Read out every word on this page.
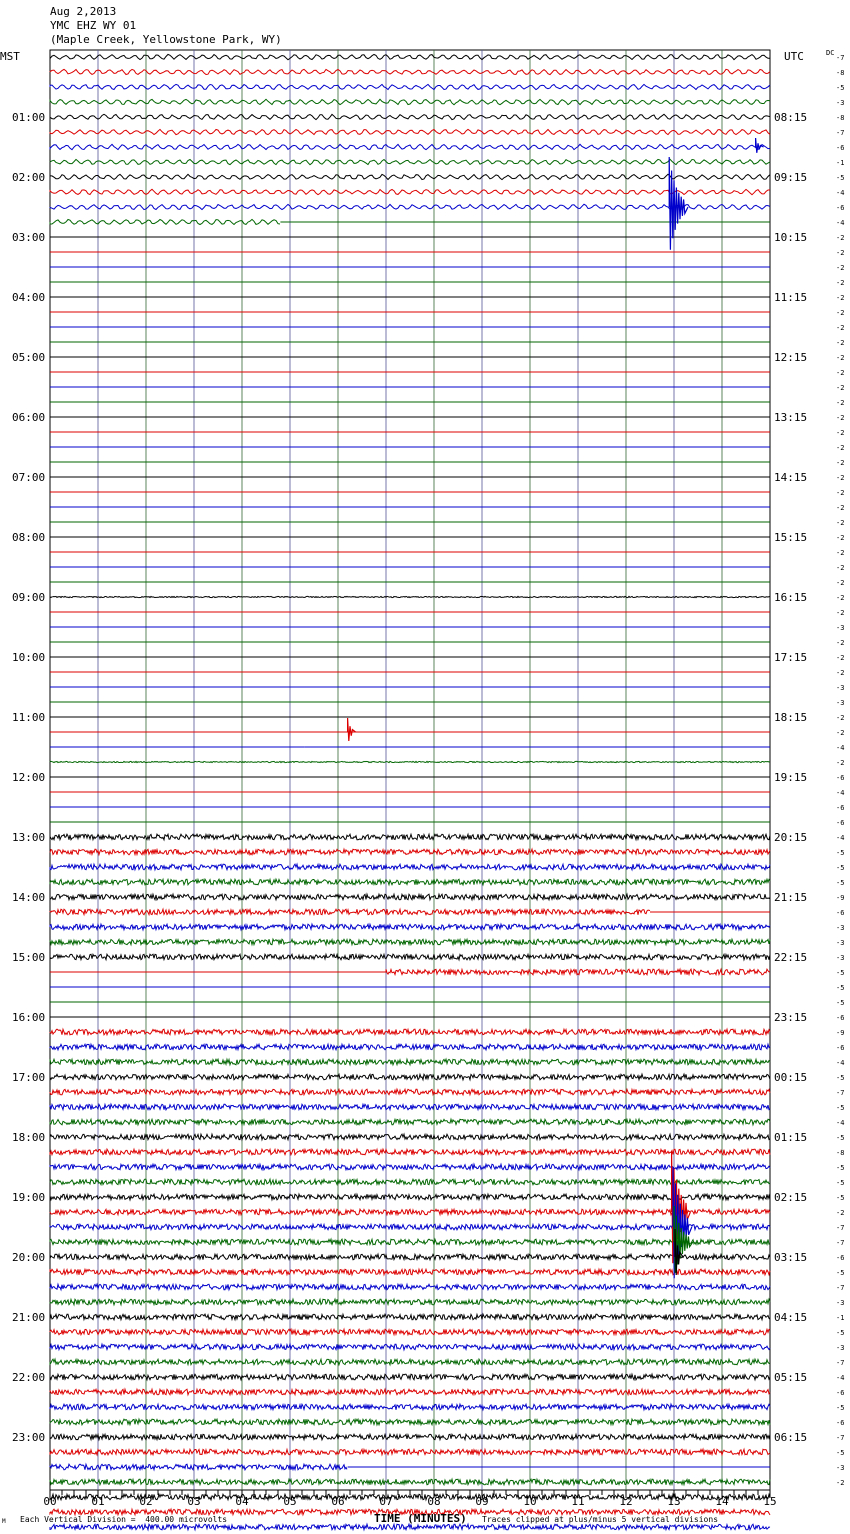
Aug 2,2013
YMC EHZ WY 01
(Maple Creek, Yellowstone Park, WY)
MST	UTC	DC
-7
-8
-5
-3
-8
-7
-6
-1
-5
-4
-6
-4
-2
-2
-2
-2
-2
-2
-2
-2
-2
-2
-2
-2
-2
-2
-2
-2
-2
-2
-2
-2
-2
-2
-2
-2
-2
-2
-3
-2
-2
-2
-3
-3
-2
-2
-4
-2
-6
-4
-6
-6
-4
-5
-5
-5
-9
-6
-3
-3
-3
-5
-5
-5
-6
-9
-6
-4
-5
-7
-5
-4
-5
-8
-5
-5
-5
-2
-7
-7
-6
-5
-7
-3
-1
-5
-3
-7
-4
-6
-5
-6
-7
-5
-3
-2
01:00
02:00
03:00
04:00
05:00
06:00
07:00
08:00
09:00
10:00
11:00
12:00
13:00
14:00
15:00
16:00
17:00
18:00
19:00
20:00
21:00
22:00
23:00
08:15
09:15
10:15
11:15
12:15
13:15
14:15
15:15
16:15
17:15
18:15
19:15
20:15
21:15
22:15
23:15
00:15
01:15
02:15
03:15
04:15
05:15
06:15
00	01	02	03	04	05	06	07	08	09	10	11	12	13	14	15
M Each Vertical Division =  400.00 microvolts	TIME (MINUTES) Traces clipped at plus/minus 5 vertical divisions
